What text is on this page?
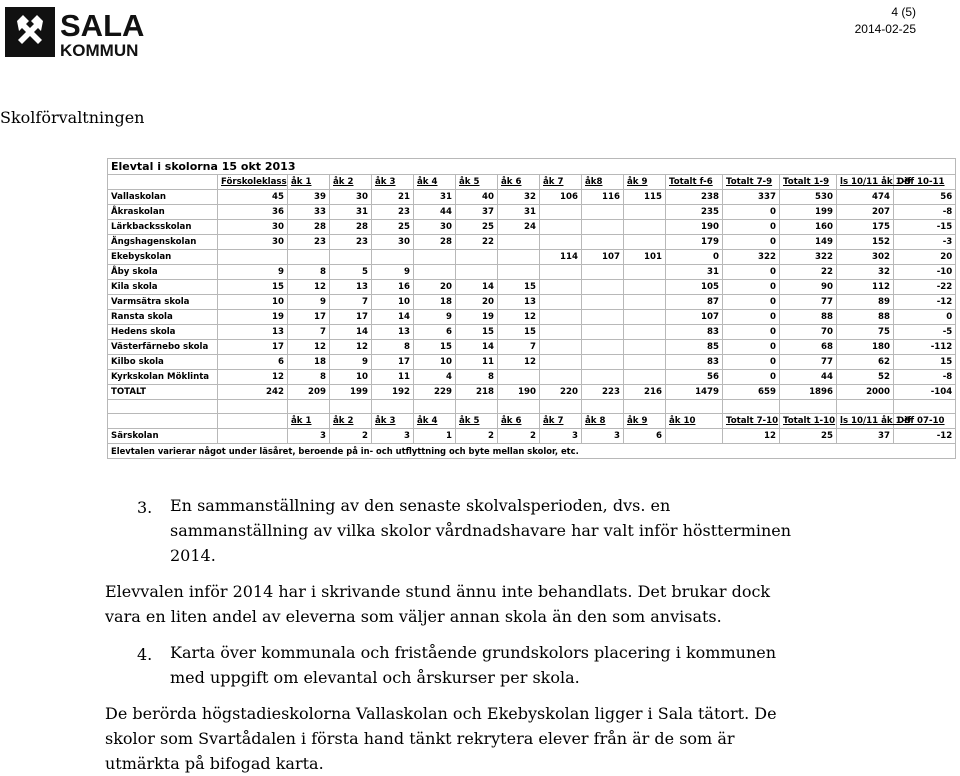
SALA
KOMMUN
4 (5)
2014-02-25
Skolförvaltningen
Elevtal i skolorna 15 okt 2013															
	Förskoleklass	åk 1	åk 2	åk 3	åk 4	åk 5	åk 6	åk 7	åk8	åk 9	Totalt f-6	Totalt 7-9	Totalt 1-9	ls 10/11 åk 1-9	Diff 10-11
Vallaskolan	45	39	30	21	31	40	32	106	116	115	238	337	530	474	56
Åkraskolan	36	33	31	23	44	37	31				235	0	199	207	-8
Lärkbacksskolan	30	28	28	25	30	25	24				190	0	160	175	-15
Ängshagenskolan	30	23	23	30	28	22					179	0	149	152	-3
Ekebyskolan								114	107	101	0	322	322	302	20
Åby skola	9	8	5	9							31	0	22	32	-10
Kila skola	15	12	13	16	20	14	15				105	0	90	112	-22
Varmsätra skola	10	9	7	10	18	20	13				87	0	77	89	-12
Ransta skola	19	17	17	14	9	19	12				107	0	88	88	0
Hedens skola	13	7	14	13	6	15	15				83	0	70	75	-5
Västerfärnebo skola	17	12	12	8	15	14	7				85	0	68	180	-112
Kilbo skola	6	18	9	17	10	11	12				83	0	77	62	15
Kyrkskolan Möklinta	12	8	10	11	4	8					56	0	44	52	-8
TOTALT	242	209	199	192	229	218	190	220	223	216	1479	659	1896	2000	-104

		åk 1	åk 2	åk 3	åk 4	åk 5	åk 6	åk 7	åk 8	åk 9	åk 10	Totalt 7-10	Totalt 1-10	ls 10/11 åk 1-9	Diff 07-10
Särskolan		3	2	3	1	2	2	3	3	6		12	25	37	-12
Elevtalen varierar något under läsåret, beroende på in- och utflyttning och byte mellan skolor, etc.															
3. En sammanställning av den senaste skolvalsperioden, dvs. en
sammanställning av vilka skolor vårdnadshavare har valt inför höstterminen
2014.
Elevvalen inför 2014 har i skrivande stund ännu inte behandlats. Det brukar dock
vara en liten andel av eleverna som väljer annan skola än den som anvisats.
4. Karta över kommunala och fristående grundskolors placering i kommunen
med uppgift om elevantal och årskurser per skola.
De berörda högstadieskolorna Vallaskolan och Ekebyskolan ligger i Sala tätort. De
skolor som Svartådalen i första hand tänkt rekrytera elever från är de som är
utmärkta på bifogad karta.
